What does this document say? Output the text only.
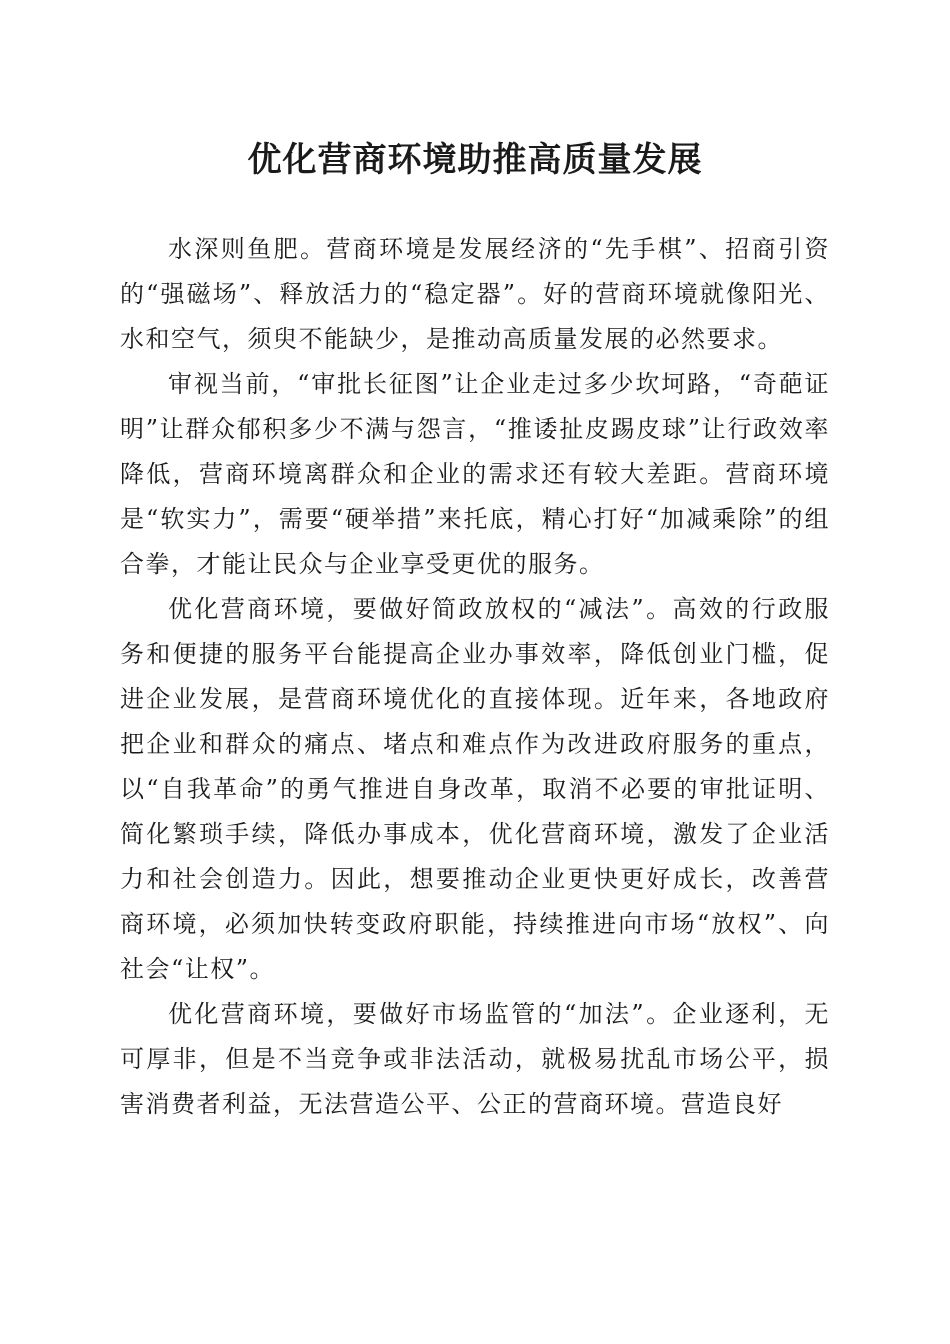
优化营商环境助推高质量发展

水深则鱼肥。营商环境是发展经济的“先手棋”、招商引资的“强磁场”、释放活力的“稳定器”。好的营商环境就像阳光、水和空气，须臾不能缺少，是推动高质量发展的必然要求。

审视当前，“审批长征图”让企业走过多少坎坷路，“奇葩证明”让群众郁积多少不满与怨言，“推诿扯皮踢皮球”让行政效率降低，营商环境离群众和企业的需求还有较大差距。营商环境是“软实力”，需要“硬举措”来托底，精心打好“加减乘除”的组合拳，才能让民众与企业享受更优的服务。

优化营商环境，要做好简政放权的“减法”。高效的行政服务和便捷的服务平台能提高企业办事效率，降低创业门槛，促进企业发展，是营商环境优化的直接体现。近年来，各地政府把企业和群众的痛点、堵点和难点作为改进政府服务的重点，以“自我革命”的勇气推进自身改革，取消不必要的审批证明、简化繁琐手续，降低办事成本，优化营商环境，激发了企业活力和社会创造力。因此，想要推动企业更快更好成长，改善营商环境，必须加快转变政府职能，持续推进向市场“放权”、向社会“让权”。

优化营商环境，要做好市场监管的“加法”。企业逐利，无可厚非，但是不当竞争或非法活动，就极易扰乱市场公平，损害消费者利益，无法营造公平、公正的营商环境。营造良好
